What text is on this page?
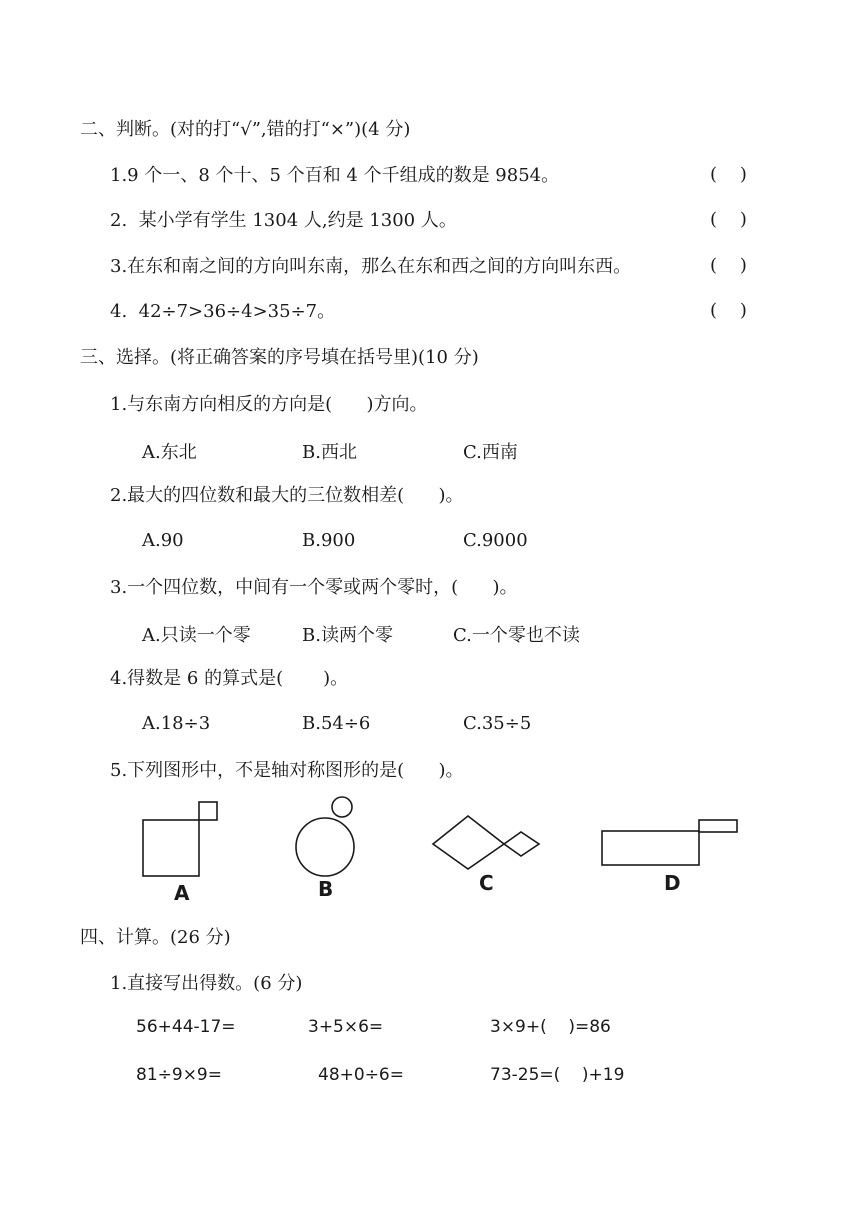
二、判断。(对的打“√”,错的打“×”)(4 分)
1.9 个一、8 个十、5 个百和 4 个千组成的数是 9854。	(    )
2.  某小学有学生 1304 人,约是 1300 人。	(    )
3.在东和南之间的方向叫东南，那么在东和西之间的方向叫东西。	(    )
4.  42÷7>36÷4>35÷7。	(    )
三、选择。(将正确答案的序号填在括号里)(10 分)
1.与东南方向相反的方向是(      )方向。
A.东北	B.西北	C.西南
2.最大的四位数和最大的三位数相差(      )。
A.90	B.900	C.9000
3.一个四位数，中间有一个零或两个零时，(      )。
A.只读一个零	B.读两个零	C.一个零也不读
4.得数是 6 的算式是(       )。
A.18÷3	B.54÷6	C.35÷5
5.下列图形中，不是轴对称图形的是(      )。
A	B	C	D
四、计算。(26 分)
1.直接写出得数。(6 分)
56+44-17=	3+5×6=	3×9+(    )=86
81÷9×9=	48+0÷6=	73-25=(    )+19
